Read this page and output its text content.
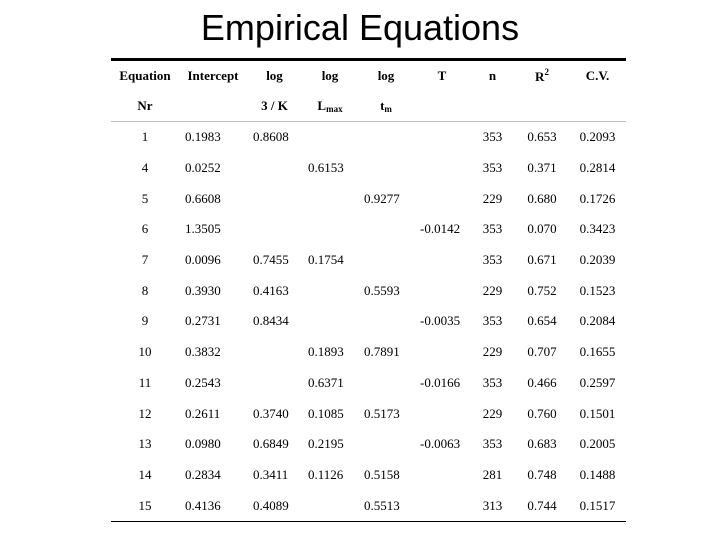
Empirical Equations
Equation	Intercept	log	log	log	T	n	$R^2$	C.V.
Nr		3 / K	$L_{max}$	$t_m$				
1	0.1983	0.8608				353	0.653	0.2093
4	0.0252		0.6153			353	0.371	0.2814
5	0.6608			0.9277		229	0.680	0.1726
6	1.3505				-0.0142	353	0.070	0.3423
7	0.0096	0.7455	0.1754			353	0.671	0.2039
8	0.3930	0.4163		0.5593		229	0.752	0.1523
9	0.2731	0.8434			-0.0035	353	0.654	0.2084
10	0.3832		0.1893	0.7891		229	0.707	0.1655
11	0.2543		0.6371		-0.0166	353	0.466	0.2597
12	0.2611	0.3740	0.1085	0.5173		229	0.760	0.1501
13	0.0980	0.6849	0.2195		-0.0063	353	0.683	0.2005
14	0.2834	0.3411	0.1126	0.5158		281	0.748	0.1488
15	0.4136	0.4089		0.5513		313	0.744	0.1517
